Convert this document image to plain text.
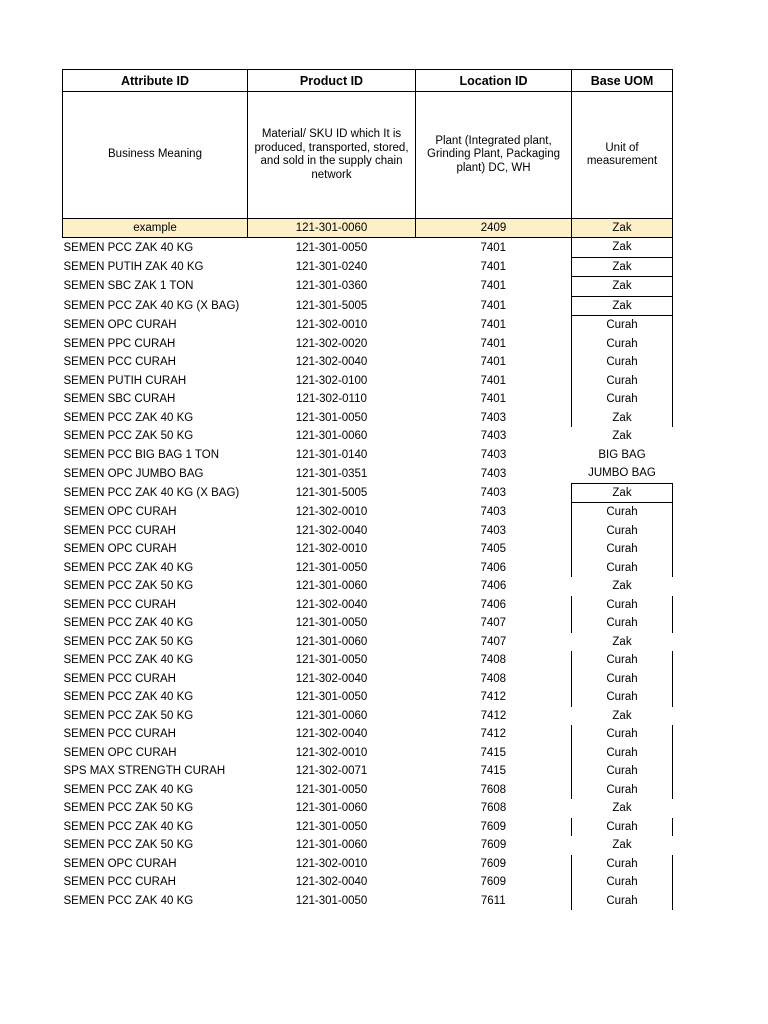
Attribute ID	Product ID	Location ID	Base UOM
Business Meaning	Material/ SKU ID which It is produced, transported, stored, and sold in the supply chain network	Plant (Integrated plant, Grinding Plant, Packaging plant) DC, WH	Unit of measurement
example	121-301-0060	2409	Zak
SEMEN PCC ZAK 40 KG	121-301-0050	7401	Zak
SEMEN PUTIH ZAK 40 KG	121-301-0240	7401	Zak
SEMEN SBC ZAK 1 TON	121-301-0360	7401	Zak
SEMEN PCC ZAK 40 KG (X BAG)	121-301-5005	7401	Zak
SEMEN OPC CURAH	121-302-0010	7401	Curah
SEMEN PPC CURAH	121-302-0020	7401	Curah
SEMEN PCC CURAH	121-302-0040	7401	Curah
SEMEN PUTIH CURAH	121-302-0100	7401	Curah
SEMEN SBC CURAH	121-302-0110	7401	Curah
SEMEN PCC ZAK 40 KG	121-301-0050	7403	Zak
SEMEN PCC ZAK 50 KG	121-301-0060	7403	Zak
SEMEN PCC BIG BAG 1 TON	121-301-0140	7403	BIG BAG
SEMEN OPC JUMBO BAG	121-301-0351	7403	JUMBO BAG
SEMEN PCC ZAK 40 KG (X BAG)	121-301-5005	7403	Zak
SEMEN OPC CURAH	121-302-0010	7403	Curah
SEMEN PCC CURAH	121-302-0040	7403	Curah
SEMEN OPC CURAH	121-302-0010	7405	Curah
SEMEN PCC ZAK 40 KG	121-301-0050	7406	Curah
SEMEN PCC ZAK 50 KG	121-301-0060	7406	Zak
SEMEN PCC CURAH	121-302-0040	7406	Curah
SEMEN PCC ZAK 40 KG	121-301-0050	7407	Curah
SEMEN PCC ZAK 50 KG	121-301-0060	7407	Zak
SEMEN PCC ZAK 40 KG	121-301-0050	7408	Curah
SEMEN PCC CURAH	121-302-0040	7408	Curah
SEMEN PCC ZAK 40 KG	121-301-0050	7412	Curah
SEMEN PCC ZAK 50 KG	121-301-0060	7412	Zak
SEMEN PCC CURAH	121-302-0040	7412	Curah
SEMEN OPC CURAH	121-302-0010	7415	Curah
SPS MAX STRENGTH CURAH	121-302-0071	7415	Curah
SEMEN PCC ZAK 40 KG	121-301-0050	7608	Curah
SEMEN PCC ZAK 50 KG	121-301-0060	7608	Zak
SEMEN PCC ZAK 40 KG	121-301-0050	7609	Curah
SEMEN PCC ZAK 50 KG	121-301-0060	7609	Zak
SEMEN OPC CURAH	121-302-0010	7609	Curah
SEMEN PCC CURAH	121-302-0040	7609	Curah
SEMEN PCC ZAK 40 KG	121-301-0050	7611	Curah
